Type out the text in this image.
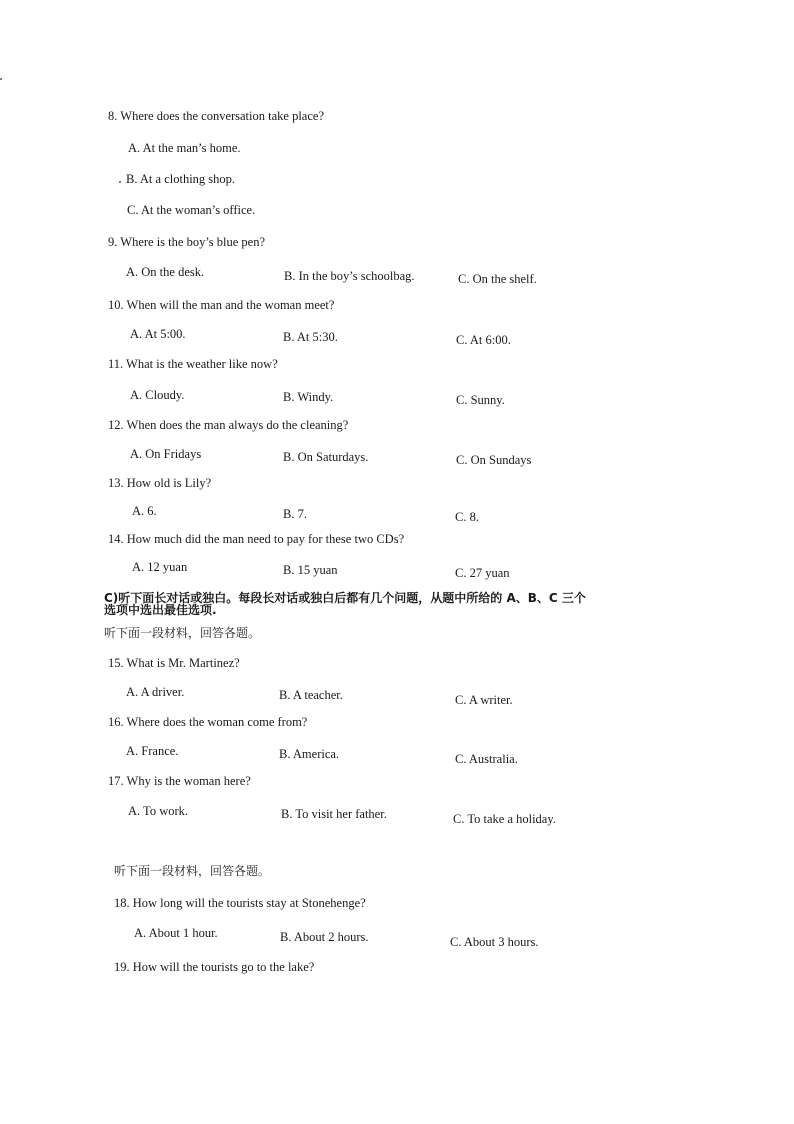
8. Where does the conversation take place?
A. At the man’s home.
B. At a clothing shop.
C. At the woman’s office.
9. Where is the boy’s blue pen?
A. On the desk.	B. In the boy’s schoolbag.	C. On the shelf.
10. When will the man and the woman meet?
A. At 5:00.	B. At 5:30.	C. At 6:00.
11. What is the weather like now?
A. Cloudy.	B. Windy.	C. Sunny.
12. When does the man always do the cleaning?
A. On Fridays	B. On Saturdays.	C. On Sundays
13. How old is Lily?
A. 6.	B. 7.	C. 8.
14. How much did the man need to pay for these two CDs?
A. 12 yuan	B. 15 yuan	C. 27 yuan
C)听下面长对话或独白。每段长对话或独白后都有几个问题，从题中所给的 A、B、C 三个
选项中选出最佳选项.
听下面一段材料，回答各题。
15. What is Mr. Martinez?
A. A driver.	B. A teacher.	C. A writer.
16. Where does the woman come from?
A. France.	B. America.	C. Australia.
17. Why is the woman here?
A. To work.	B. To visit her father.	C. To take a holiday.
听下面一段材料，回答各题。
18. How long will the tourists stay at Stonehenge?
A. About 1 hour.	B. About 2 hours.	C. About 3 hours.
19. How will the tourists go to the lake?
